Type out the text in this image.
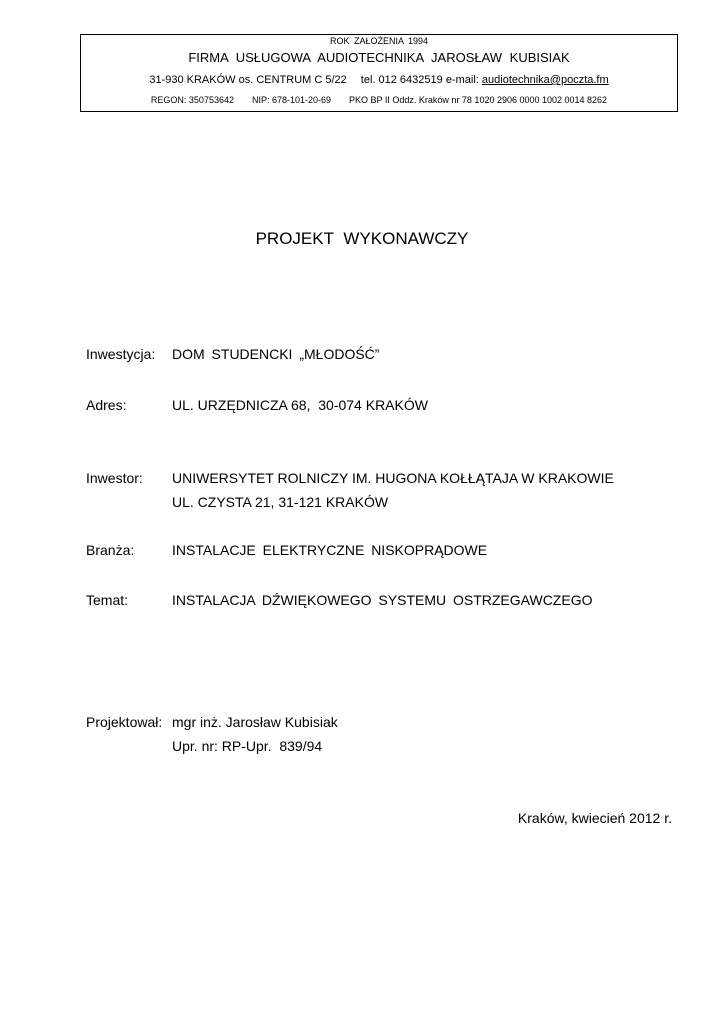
ROK ZAŁOŻENIA 1994
FIRMA USŁUGOWA AUDIOTECHNIKA JAROSŁAW KUBISIAK
31-930 KRAKÓW os. CENTRUM C 5/22 tel. 012 6432519 e-mail: audiotechnika@poczta.fm
REGON: 350753642 NIP: 678-101-20-69 PKO BP II Oddz. Kraków nr 78 1020 2906 0000 1002 0014 8262
PROJEKT WYKONAWCZY
Inwestycja: DOM STUDENCKI „MŁODOŚĆ”
Adres:	UL. URZĘDNICZA 68,  30-074 KRAKÓW
Inwestor: UNIWERSYTET ROLNICZY IM. HUGONA KOŁŁĄTAJA W KRAKOWIE
UL. CZYSTA 21, 31-121 KRAKÓW
Branża:	INSTALACJE ELEKTRYCZNE NISKOPRĄDOWE
Temat:	INSTALACJA DŹWIĘKOWEGO SYSTEMU OSTRZEGAWCZEGO
Projektował: mgr inż. Jarosław Kubisiak
Upr. nr: RP-Upr.  839/94
Kraków, kwiecień 2012 r.
